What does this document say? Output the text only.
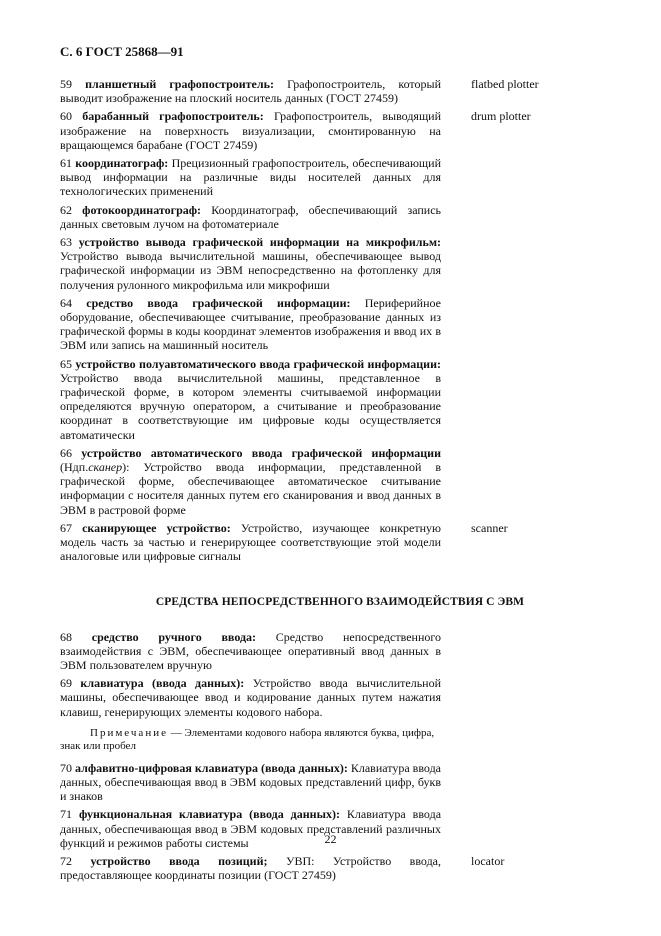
С. 6 ГОСТ 25868—91
59 планшетный графопостроитель: Графопостроитель, который выводит изображение на плоский носитель данных (ГОСТ 27459)
flatbed plotter
60 барабанный графопостроитель: Графопостроитель, выводящий изображение на поверхность визуализации, смонтированную на вращающемся барабане (ГОСТ 27459)
drum plotter
61 координатограф: Прецизионный графопостроитель, обеспечивающий вывод информации на различные виды носителей данных для технологических применений
62 фотокоординатограф: Координатограф, обеспечивающий запись данных световым лучом на фотоматериале
63 устройство вывода графической информации на микрофильм: Устройство вывода вычислительной машины, обеспечивающее вывод графической информации из ЭВМ непосредственно на фотопленку для получения рулонного микрофильма или микрофиши
64 средство ввода графической информации: Периферийное оборудование, обеспечивающее считывание, преобразование данных из графической формы в коды координат элементов изображения и ввод их в ЭВМ или запись на машинный носитель
65 устройство полуавтоматического ввода графической информации: Устройство ввода вычислительной машины, представленное в графической форме, в котором элементы считываемой информации определяются вручную оператором, а считывание и преобразование координат в соответствующие им цифровые коды осуществляется автоматически
66 устройство автоматического ввода графической информации (Ндп.сканер): Устройство ввода информации, представленной в графической форме, обеспечивающее автоматическое считывание информации с носителя данных путем его сканирования и ввод данных в ЭВМ в растровой форме
67 сканирующее устройство: Устройство, изучающее конкретную модель часть за частью и генерирующее соответствующие этой модели аналоговые или цифровые сигналы
scanner
СРЕДСТВА НЕПОСРЕДСТВЕННОГО ВЗАИМОДЕЙСТВИЯ С ЭВМ
68 средство ручного ввода: Средство непосредственного взаимодействия с ЭВМ, обеспечивающее оперативный ввод данных в ЭВМ пользователем вручную
69 клавиатура (ввода данных): Устройство ввода вычислительной машины, обеспечивающее ввод и кодирование данных путем нажатия клавиш, генерирующих элементы кодового набора.
Примечание — Элементами кодового набора являются буква, цифра, знак или пробел
70 алфавитно-цифровая клавиатура (ввода данных): Клавиатура ввода данных, обеспечивающая ввод в ЭВМ кодовых представлений цифр, букв и знаков
71 функциональная клавиатура (ввода данных): Клавиатура ввода данных, обеспечивающая ввод в ЭВМ кодовых представлений различных функций и режимов работы системы
72 устройство ввода позиций; УВП: Устройство ввода, предоставляющее координаты позиции (ГОСТ 27459)
locator
22
